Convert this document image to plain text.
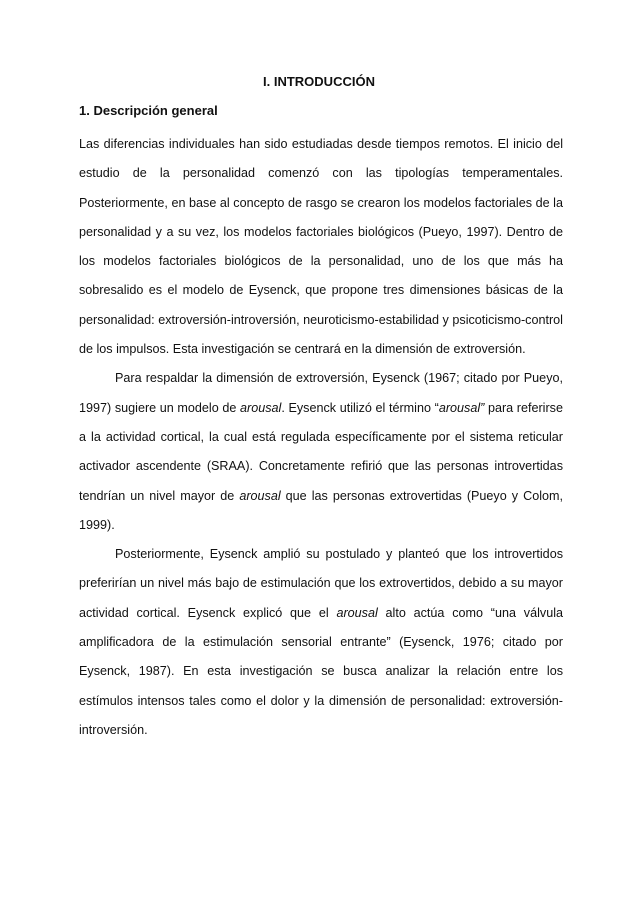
I. INTRODUCCIÓN
1. Descripción general

Las diferencias individuales han sido estudiadas desde tiempos remotos. El inicio del estudio de la personalidad comenzó con las tipologías temperamentales. Posteriormente, en base al concepto de rasgo se crearon los modelos factoriales de la personalidad y a su vez, los modelos factoriales biológicos (Pueyo, 1997). Dentro de los modelos factoriales biológicos de la personalidad, uno de los que más ha sobresalido es el modelo de Eysenck, que propone tres dimensiones básicas de la personalidad: extroversión-introversión, neuroticismo-estabilidad y psicoticismo-control de los impulsos. Esta investigación se centrará en la dimensión de extroversión.

Para respaldar la dimensión de extroversión, Eysenck (1967; citado por Pueyo, 1997) sugiere un modelo de arousal. Eysenck utilizó el término “arousal” para referirse a la actividad cortical, la cual está regulada específicamente por el sistema reticular activador ascendente (SRAA). Concretamente refirió que las personas introvertidas tendrían un nivel mayor de arousal que las personas extrovertidas (Pueyo y Colom, 1999).

Posteriormente, Eysenck amplió su postulado y planteó que los introvertidos preferirían un nivel más bajo de estimulación que los extrovertidos, debido a su mayor actividad cortical. Eysenck explicó que el arousal alto actúa como “una válvula amplificadora de la estimulación sensorial entrante” (Eysenck, 1976; citado por Eysenck, 1987). En esta investigación se busca analizar la relación entre los estímulos intensos tales como el dolor y la dimensión de personalidad: extroversión-introversión.
